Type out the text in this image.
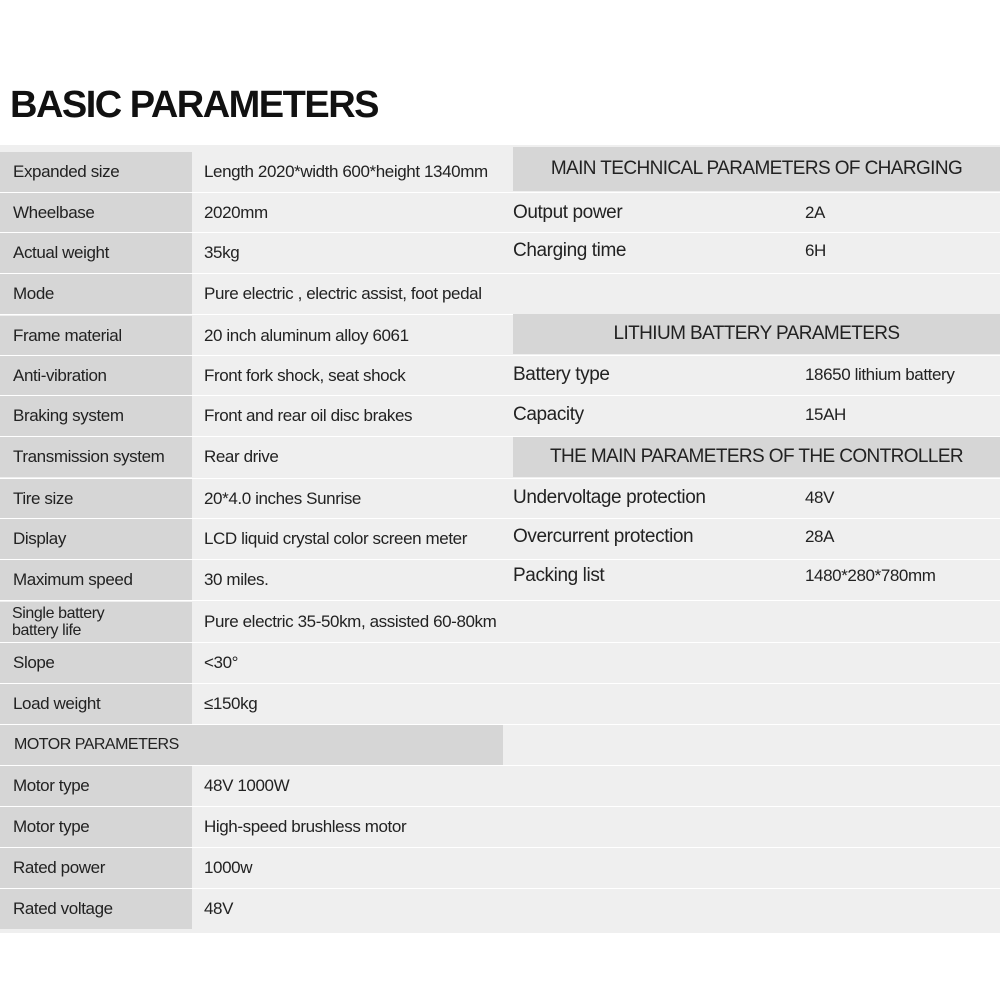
BASIC PARAMETERS
Expanded size	Length 2020*width 600*height 1340mm
Wheelbase	2020mm
Actual weight	35kg
Mode	Pure electric , electric assist, foot pedal
Frame material	20 inch aluminum alloy 6061
Anti-vibration	Front fork shock, seat shock
Braking system	Front and rear oil disc brakes
Transmission system	Rear drive
Tire size	20*4.0 inches Sunrise
Display	LCD liquid crystal color screen meter
Maximum speed	30 miles.
Single battery
battery life	Pure electric 35-50km, assisted 60-80km
Slope	<30°
Load weight	≤150kg
MOTOR PARAMETERS
Motor type	48V 1000W
Motor type	High-speed brushless motor
Rated power	1000w
Rated voltage	48V
MAIN TECHNICAL PARAMETERS OF CHARGING
Output power	2A
Charging time	6H
LITHIUM BATTERY PARAMETERS
Battery type	18650 lithium battery
Capacity	15AH
THE MAIN PARAMETERS OF THE CONTROLLER
Undervoltage protection	48V
Overcurrent protection	28A
Packing list	1480*280*780mm
